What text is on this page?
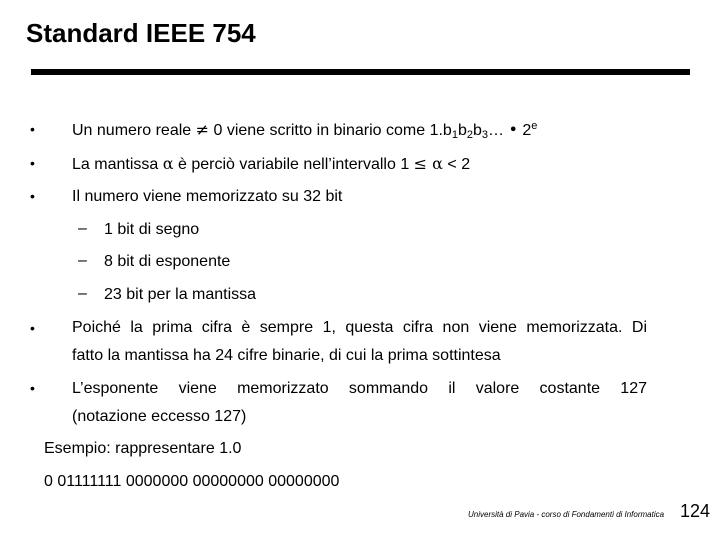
Standard IEEE 754
• Un numero reale ≠ 0 viene scritto in binario come $1.b_1b_2b_3\dots$ • 2e
• La mantissa α è perciò variabile nell’intervallo 1 ≤ α < 2
• Il numero viene memorizzato su 32 bit
– 1 bit di segno
– 8 bit di esponente
– 23 bit per la mantissa
• Poiché la prima cifra è sempre 1, questa cifra non viene memorizzata. Di
fatto la mantissa ha 24 cifre binarie, di cui la prima sottintesa
• L’esponente viene memorizzato sommando il valore costante 127
(notazione eccesso 127)
Esempio: rappresentare 1.0
0 01111111 0000000 00000000 00000000
Università di Pavia - corso di Fondamenti di Informatica 124
